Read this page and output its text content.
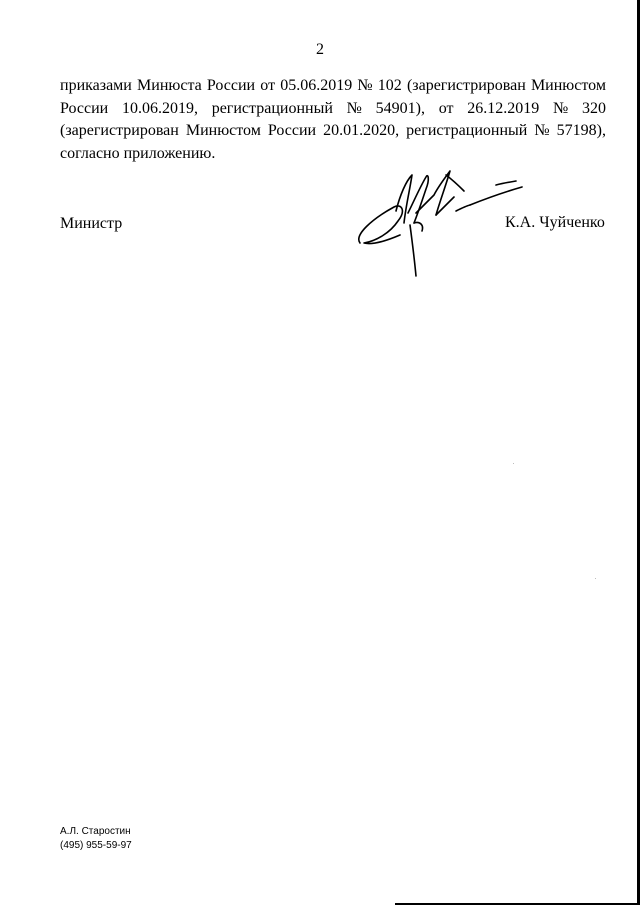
2
приказами Минюста России от 05.06.2019 № 102 (зарегистрирован Минюстом
России 10.06.2019, регистрационный № 54901), от 26.12.2019 № 320
(зарегистрирован Минюстом России 20.01.2020, регистрационный № 57198),
согласно приложению.
Министр	К.А. Чуйченко
А.Л. Старостин
(495) 955-59-97
